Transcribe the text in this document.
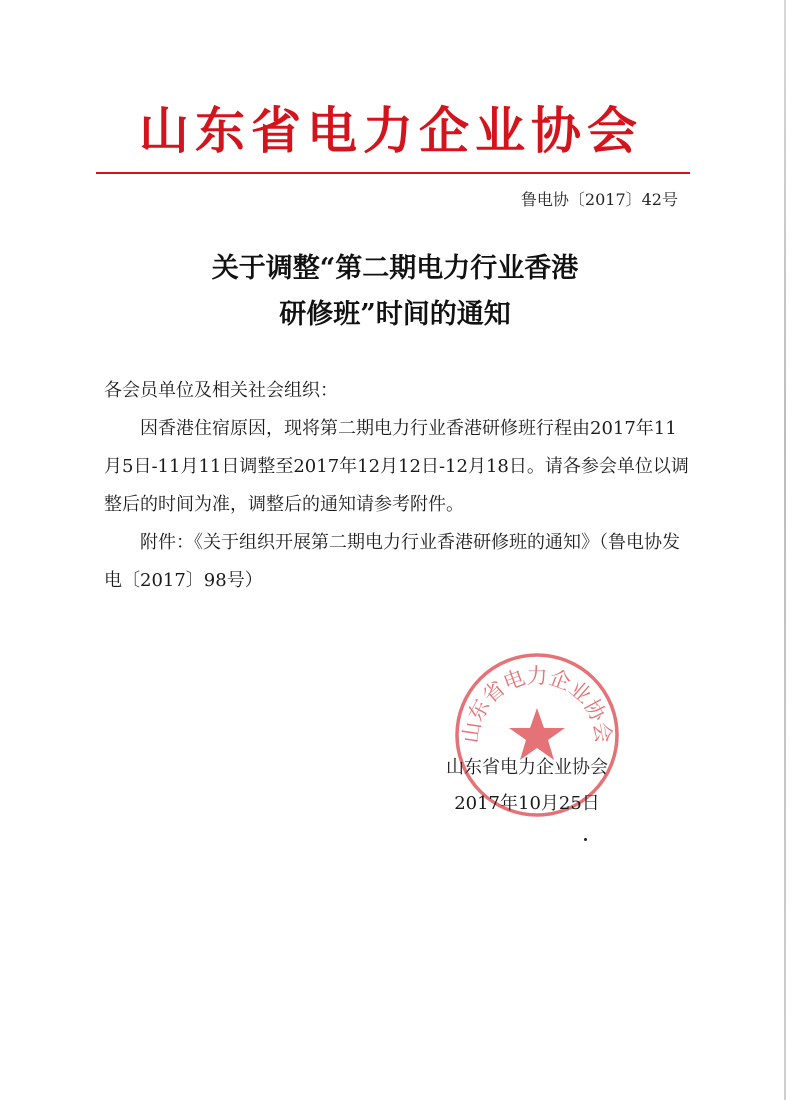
山东省电力企业协会
鲁电协〔2017〕42号
关于调整“第二期电力行业香港
研修班”时间的通知

各会员单位及相关社会组织：

因香港住宿原因，现将第二期电力行业香港研修班行程由2017年11月5日-11月11日调整至2017年12月12日-12月18日。请各参会单位以调整后的时间为准，调整后的通知请参考附件。

附件：《关于组织开展第二期电力行业香港研修班的通知》（鲁电协发电〔2017〕98号）

山东省电力企业协会
山东省电力企业协会
2017年10月25日
